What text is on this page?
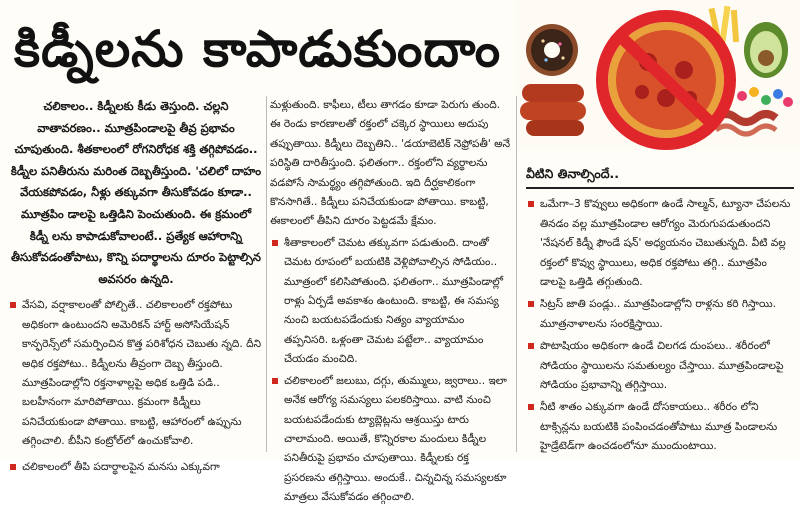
కిడ్నీలను కాపాడుకుందాం
చలికాలం.. కిడ్నీలకు కీడు తెస్తుంది. చల్లని వాతావరణం.. మూత్రపిండాలపై తీవ్ర ప్రభావం చూపుతుంది. శీతకాలంలో రోగనిరోధక శక్తి తగ్గిపోవడం.. కిడ్నీల పనితీరును మరింత దెబ్బతీస్తుంది. 'చలిలో దాహం వేయకపోవడం, నీళ్లు తక్కువగా తీసుకోవడం కూడా.. మూత్రపిం డాలపై ఒత్తిడిని పెంచుతుంది. ఈ క్రమంలో కిడ్నీ లను కాపాడుకోవాలంటే.. ప్రత్యేక ఆహారాన్ని తీసుకోవడంతోపాటు, కొన్ని పదార్థాలను దూరం పెట్టాల్సిన అవసరం ఉన్నది.
వేసవి, వర్షాకాలంతో పోల్చితే.. చలికాలంలో రక్తపోటు అధికంగా ఉంటుందని అమెరికన్ హార్ట్ అసోసియేషన్ కాన్ఫరెన్స్‌లో సమర్పించిన కొత్త పరిశోధన చెబుతు న్నది. దీని అధిక రక్తపోటు.. కిడ్నీలను తీవ్రంగా దెబ్బ తీస్తుంది. మూత్రపిండాల్లోని రక్తనాళాల్లపై అధిక ఒత్తిడి పడి.. బలహీనంగా మారిపోతాయి. క్రమంగా కిడ్నీలు పనిచేయకుండా పోతాయి. కాబట్టి, ఆహారంలో ఉప్పును తగ్గించాలి. బీపీని కంట్రోల్‌లో ఉంచుకోవాలి.
చలికాలంలో తీపి పదార్థాలపైన మనసు ఎక్కువగా
మళ్లుతుంది. కాఫీలు, టీలు తాగడం కూడా పెరుగు తుంది. ఈ రెండు కారణాలతో రక్తంలో చక్కెర స్థాయిలు అదుపు తప్పుతాయి. కిడ్నీలు దెబ్బతిని.. 'డయాబెటిక్ నెఫ్రోపతీ' అనే పరిస్థితి దారితీస్తుంది. ఫలితంగా.. రక్తంలోని వ్యర్థాలను వడపోసే సామర్థ్యం తగ్గిపోతుంది. ఇది దీర్ఘకాలికంగా కొనసాగితే.. కిడ్నీలు పనిచేయకుండా పోతాయి. కాబట్టి, ఈకాలంలో తీపిని దూరం పెట్టడమే క్షేమం.
శీతాకాలంలో చెమట తక్కువగా పడుతుంది. దాంతో చెమట రూపంలో బయటికి వెళ్లిపోవాల్సిన సోడియం.. మూత్రంలో కలిసిపోతుంది. ఫలితంగా.. మూత్రపిండాల్లో రాళ్లు ఏర్పడే అవకాశం ఉంటుంది. కాబట్టి, ఈ సమస్య నుంచి బయటపడేందుకు నిత్యం వ్యాయామం తప్పనిసరి. ఒళ్లంతా చెమట పట్టేలా.. వ్యాయామం చేయడం మంచిది.
చలికాలంలో జలుబు, దగ్గు, తుమ్ములు, జ్వరాలు.. ఇలా అనేక ఆరోగ్య సమస్యలు పలకరిస్తాయి. వాటి నుంచి బయటపడేందుకు ట్యాబ్లెట్లను ఆశ్రయిస్తు టారు చాలామంది. అయితే, కొన్నిరకాల మందులు కిడ్నీల పనితీరుపై ప్రభావం చూపుతాయి. కిడ్నీలకు రక్త ప్రసరణను తగ్గిస్తాయి. అందుకే.. చిన్నచిన్న సమస్యలకూ మాత్రలు వేసుకోవడం తగ్గించాలి.
వీటిని తినాల్సిందే..
ఒమేగా–3 కొవ్వులు అధికంగా ఉండే సాల్మన్, ట్యూనా చేపలను తినడం వల్ల మూత్రపిండాల ఆరోగ్యం మెరుగుపడుతుందని 'నేషనల్ కిడ్నీ ఫౌండే షన్' అధ్యయనం చెబుతున్నది. వీటి వల్ల రక్తంలో కొవ్వు స్థాయిలు, అధిక రక్తపోటు తగ్గి.. మూత్రపిం డాలపై ఒత్తిడి తగ్గుతుంది.
సిట్రస్ జాతి పండ్లు.. మూత్రపిండాల్లోని రాళ్లను కరి గిస్తాయి. మూత్రనాళాలను సంరక్షిస్తాయి.
పొటాషియం అధికంగా ఉండే చిలగడ దుంపలు.. శరీరంలో సోడియం స్థాయిలను సమతుల్యం చేస్తాయి. మూత్రపిండాలపై సోడియం ప్రభావాన్ని తగ్గిస్తాయి.
నీటి శాతం ఎక్కువగా ఉండే దోసకాయలు.. శరీరం లోని టాక్సిన్లను బయటికి పంపించడంతోపాటు మూత్ర పిండాలను హైడ్రేటెడ్‌గా ఉంచడంలోనూ ముందుంటాయి.
